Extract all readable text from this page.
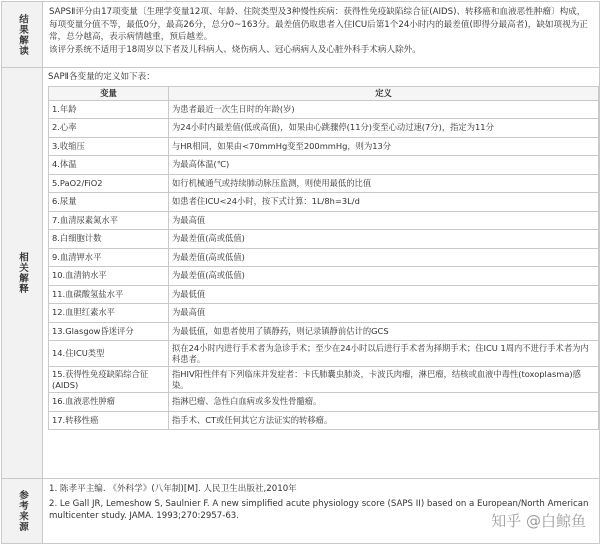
结果解读
SAPSⅡ评分由17项变量〔生理学变量12项、年龄、住院类型及3种慢性疾病：获得性免疫缺陷综合征(AIDS)、转移癌和血液恶性肿瘤〕构成，每项变量分值不等，最低0分，最高26分，总分0~163分。最差值仍取患者入住ICU后第1个24小时内的最差值(即得分最高者)，缺如项视为正常，总分越高，表示病情越重，预后越差。
该评分系统不适用于18周岁以下者及儿科病人、烧伤病人、冠心病病人及心脏外科手术病人除外。
相关解释

SAPⅡ各变量的定义如下表：

变量	定义
1.年龄	为患者最近一次生日时的年龄(岁)
2.心率	为24小时内最差值(低或高值)，如果由心跳骤停(11分)变至心动过速(7分)，指定为11分
3.收缩压	与HR相同，如果由<70mmHg变至200mmHg，则为13分
4.体温	为最高体温(℃)
5.PaO2/FiO2	如行机械通气或持续肺动脉压监测，则使用最低的比值
6.尿量	如患者住ICU<24小时，按下式计算：1L/8h=3L/d
7.血清尿素氮水平	为最高值
8.白细胞计数	为最差值(高或低值)
9.血清钾水平	为最差值(高或低值)
10.血清钠水平	为最差值(高或低值)
11.血碳酸氢盐水平	为最低值
12.血胆红素水平	为最高值
13.Glasgow昏迷评分	为最低值，如患者使用了镇静药，则记录镇静前估计的GCS
14.住ICU类型	拟在24小时内进行手术者为急诊手术；至少在24小时以后进行手术者为择期手术；住ICU 1周内不进行手术者为内科患者。
15.获得性免疫缺陷综合征(AIDS)	指HIV阳性伴有下列临床并发症者：卡氏肺囊虫肺炎，卡波氏肉瘤，淋巴瘤，结核或血液中毒性(toxoplasma)感染。
16.血液恶性肿瘤	指淋巴瘤、急性白血病或多发性骨髓瘤。
17.转移性癌	指手术、CT或任何其它方法证实的转移瘤。
参考来源

1. 陈孝平主编. 《外科学》(八年制)[M]. 人民卫生出版社,2010年

2. Le Gall JR, Lemeshow S, Saulnier F. A new simplified acute physiology score (SAPS II) based on a European/North American multicenter study. JAMA. 1993;270:2957-63.	知乎 @白鲸鱼
